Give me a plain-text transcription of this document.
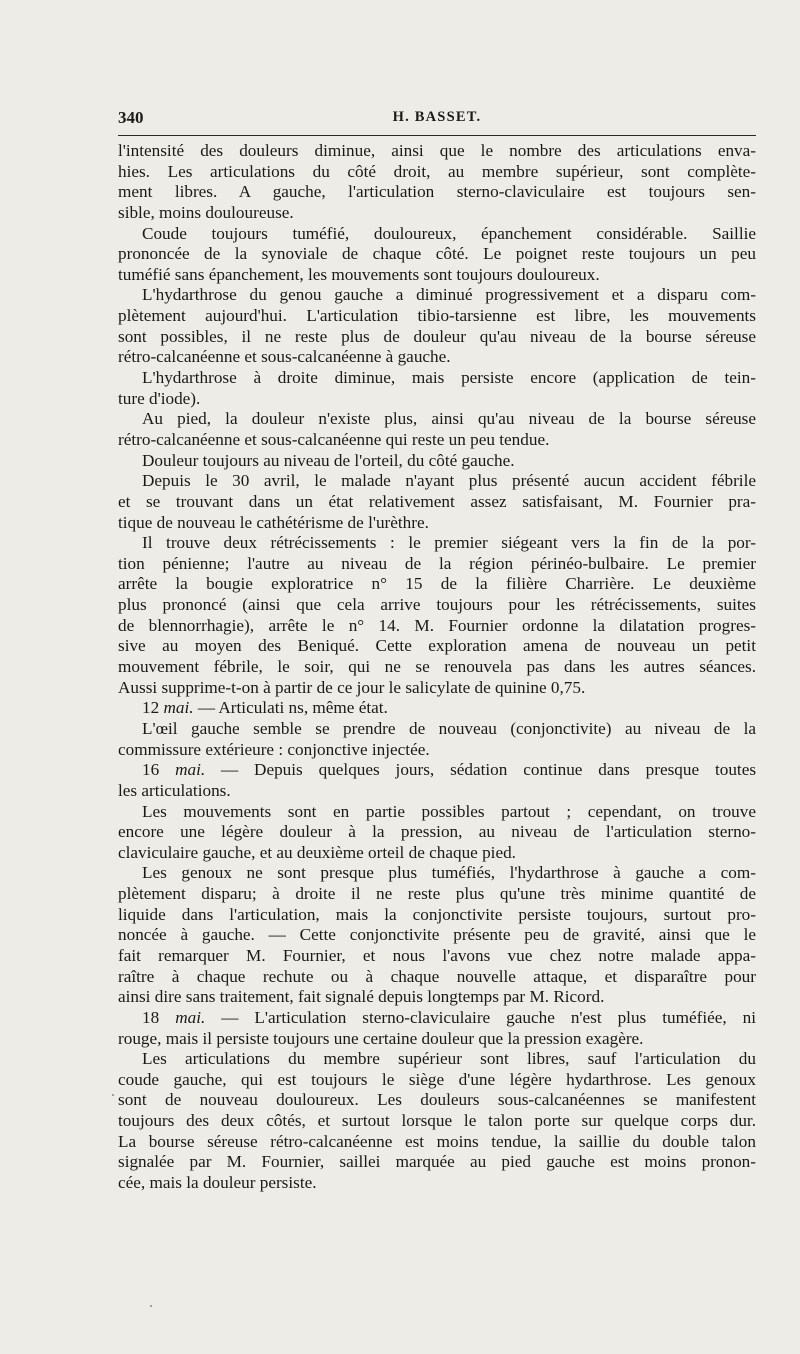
340	H. BASSET.
l'intensité des douleurs diminue, ainsi que le nombre des articulations enva-
hies. Les articulations du côté droit, au membre supérieur, sont complète-
ment libres. A gauche, l'articulation sterno-claviculaire est toujours sen-
sible, moins douloureuse.
Coude toujours tuméfié, douloureux, épanchement considérable. Saillie
prononcée de la synoviale de chaque côté. Le poignet reste toujours un peu
tuméfié sans épanchement, les mouvements sont toujours douloureux.
L'hydarthrose du genou gauche a diminué progressivement et a disparu com-
plètement aujourd'hui. L'articulation tibio-tarsienne est libre, les mouvements
sont possibles, il ne reste plus de douleur qu'au niveau de la bourse séreuse
rétro-calcanéenne et sous-calcanéenne à gauche.
L'hydarthrose à droite diminue, mais persiste encore (application de tein-
ture d'iode).
Au pied, la douleur n'existe plus, ainsi qu'au niveau de la bourse séreuse
rétro-calcanéenne et sous-calcanéenne qui reste un peu tendue.
Douleur toujours au niveau de l'orteil, du côté gauche.
Depuis le 30 avril, le malade n'ayant plus présenté aucun accident fébrile
et se trouvant dans un état relativement assez satisfaisant, M. Fournier pra-
tique de nouveau le cathétérisme de l'urèthre.
Il trouve deux rétrécissements : le premier siégeant vers la fin de la por-
tion pénienne; l'autre au niveau de la région périnéo-bulbaire. Le premier
arrête la bougie exploratrice n° 15 de la filière Charrière. Le deuxième
plus prononcé (ainsi que cela arrive toujours pour les rétrécissements, suites
de blennorrhagie), arrête le n° 14. M. Fournier ordonne la dilatation progres-
sive au moyen des Beniqué. Cette exploration amena de nouveau un petit
mouvement fébrile, le soir, qui ne se renouvela pas dans les autres séances.
Aussi supprime-t-on à partir de ce jour le salicylate de quinine 0,75.
12 mai. — Articulati ns, même état.
L'œil gauche semble se prendre de nouveau (conjonctivite) au niveau de la
commissure extérieure : conjonctive injectée.
16 mai. — Depuis quelques jours, sédation continue dans presque toutes
les articulations.
Les mouvements sont en partie possibles partout ; cependant, on trouve
encore une légère douleur à la pression, au niveau de l'articulation sterno-
claviculaire gauche, et au deuxième orteil de chaque pied.
Les genoux ne sont presque plus tuméfiés, l'hydarthrose à gauche a com-
plètement disparu; à droite il ne reste plus qu'une très minime quantité de
liquide dans l'articulation, mais la conjonctivite persiste toujours, surtout pro-
noncée à gauche. — Cette conjonctivite présente peu de gravité, ainsi que le
fait remarquer M. Fournier, et nous l'avons vue chez notre malade appa-
raître à chaque rechute ou à chaque nouvelle attaque, et disparaître pour
ainsi dire sans traitement, fait signalé depuis longtemps par M. Ricord.
18 mai. — L'articulation sterno-claviculaire gauche n'est plus tuméfiée, ni
rouge, mais il persiste toujours une certaine douleur que la pression exagère.
Les articulations du membre supérieur sont libres, sauf l'articulation du
coude gauche, qui est toujours le siège d'une légère hydarthrose. Les genoux
sont de nouveau douloureux. Les douleurs sous-calcanéennes se manifestent
toujours des deux côtés, et surtout lorsque le talon porte sur quelque corps dur.
La bourse séreuse rétro-calcanéenne est moins tendue, la saillie du double talon
signalée par M. Fournier, saillei marquée au pied gauche est moins pronon-
cée, mais la douleur persiste.
